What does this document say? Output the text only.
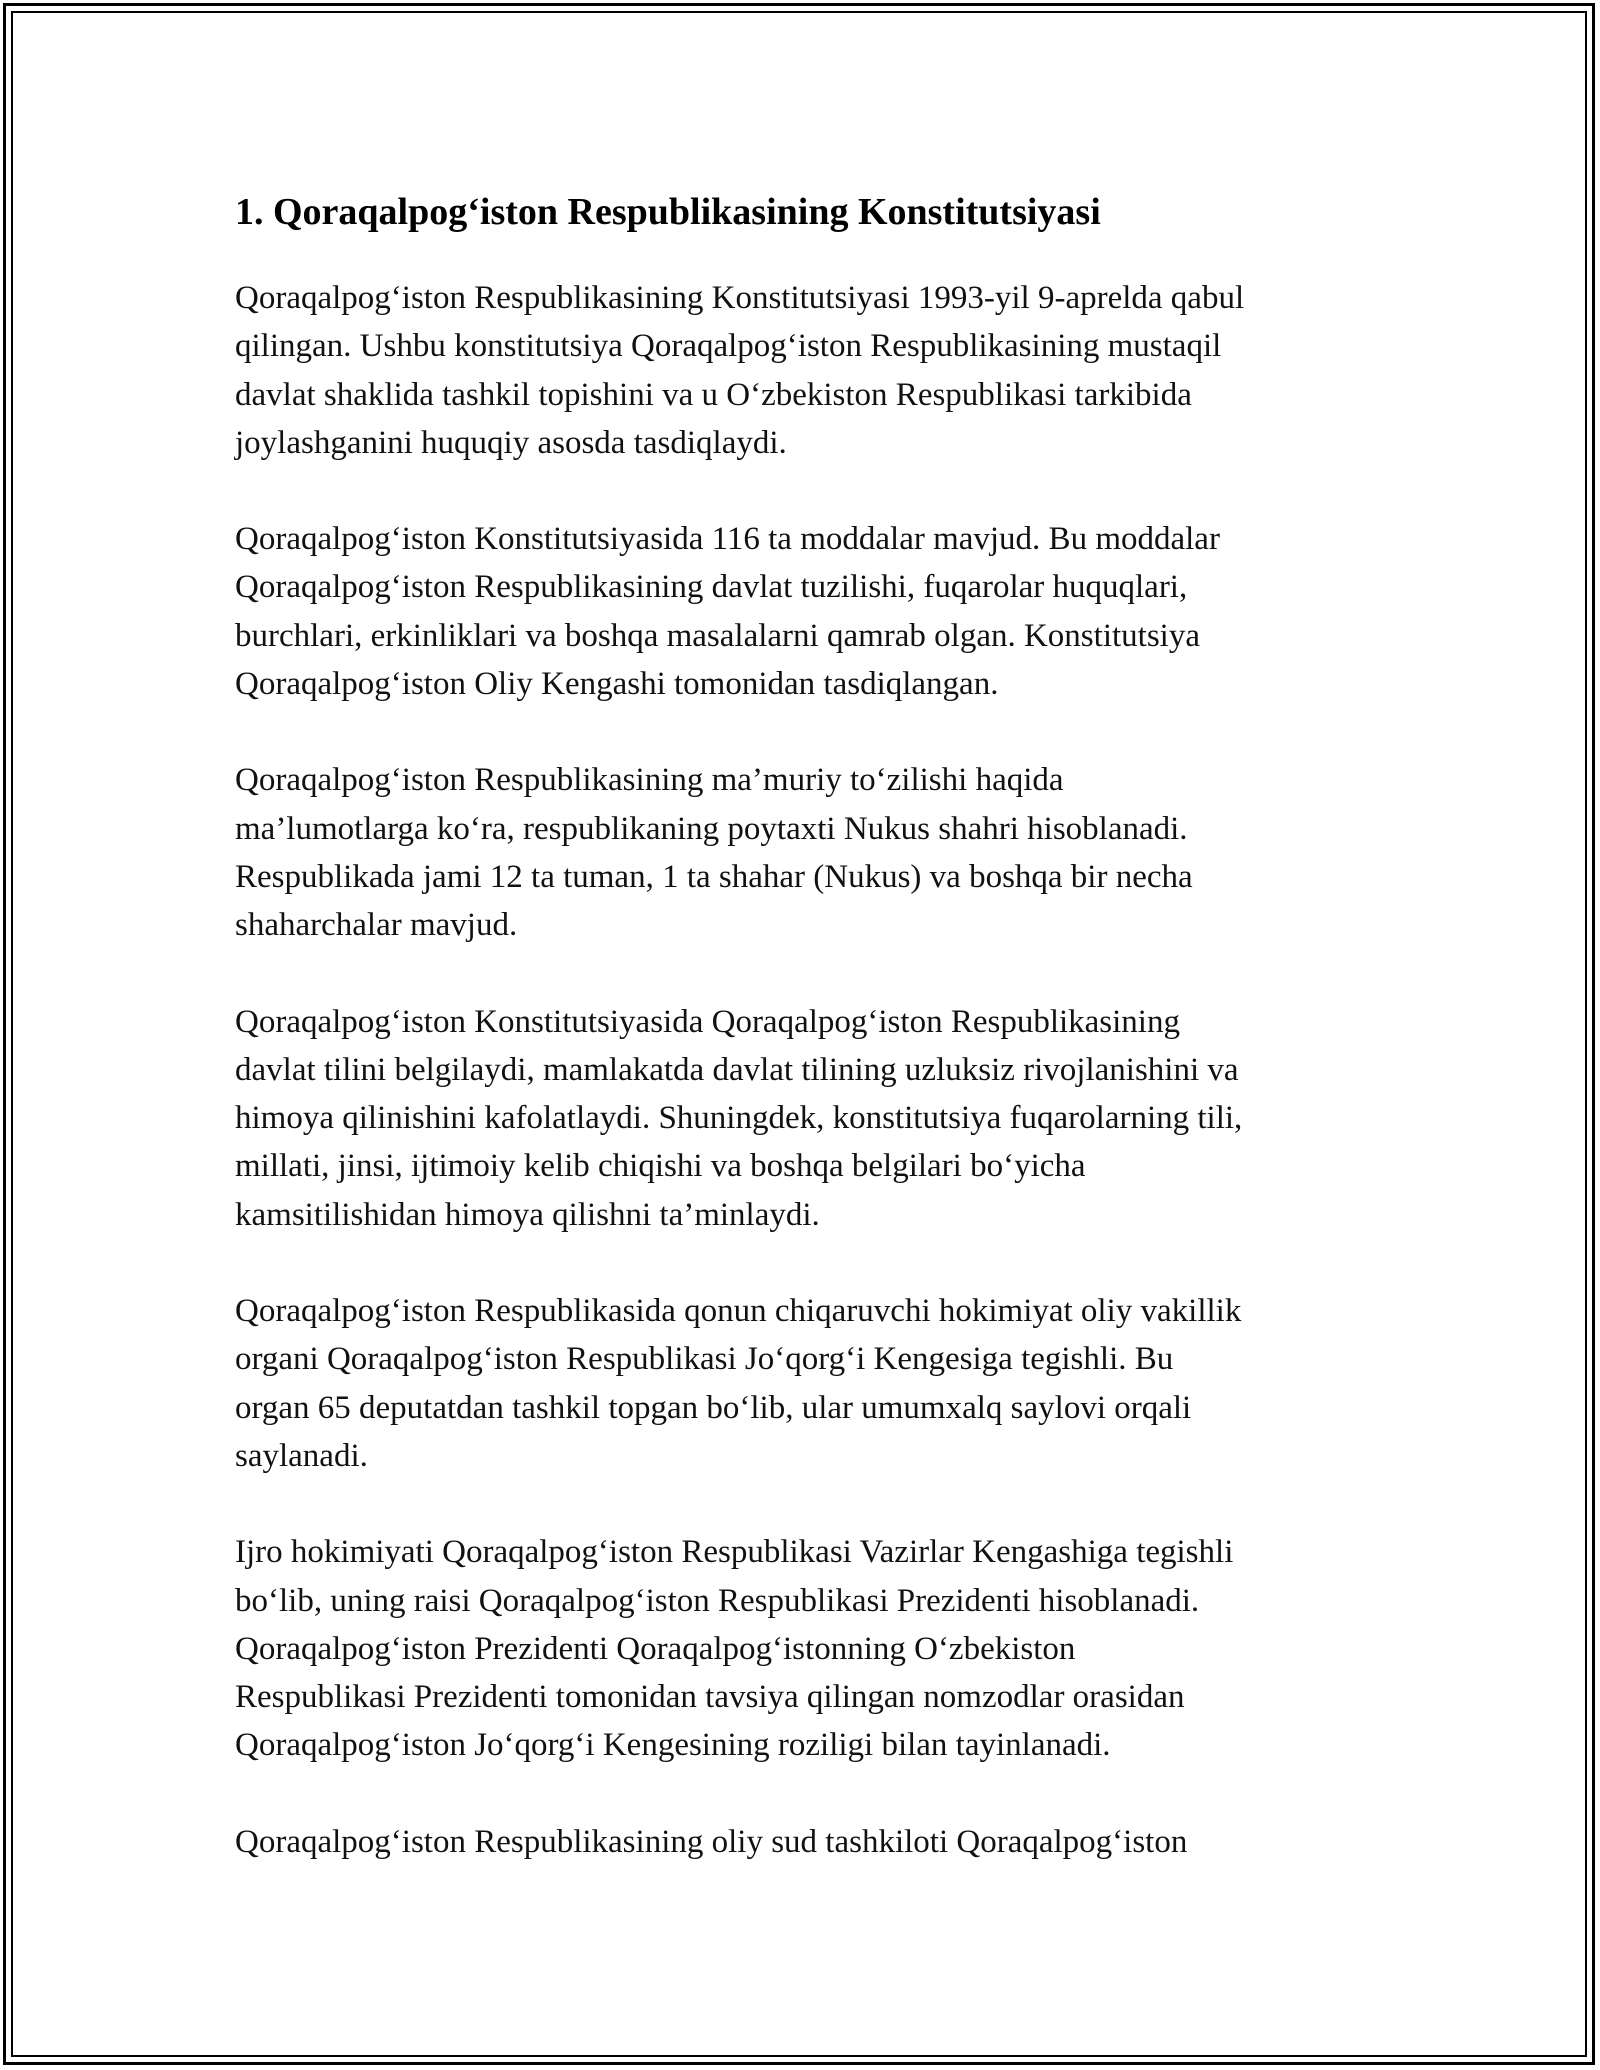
1. Qoraqalpog‘iston Respublikasining Konstitutsiyasi

Qoraqalpog‘iston Respublikasining Konstitutsiyasi 1993-yil 9-aprelda qabul
qilingan. Ushbu konstitutsiya Qoraqalpog‘iston Respublikasining mustaqil
davlat shaklida tashkil topishini va u O‘zbekiston Respublikasi tarkibida
joylashganini huquqiy asosda tasdiqlaydi.

Qoraqalpog‘iston Konstitutsiyasida 116 ta moddalar mavjud. Bu moddalar
Qoraqalpog‘iston Respublikasining davlat tuzilishi, fuqarolar huquqlari,
burchlari, erkinliklari va boshqa masalalarni qamrab olgan. Konstitutsiya
Qoraqalpog‘iston Oliy Kengashi tomonidan tasdiqlangan.

Qoraqalpog‘iston Respublikasining ma’muriy to‘zilishi haqida
ma’lumotlarga ko‘ra, respublikaning poytaxti Nukus shahri hisoblanadi.
Respublikada jami 12 ta tuman, 1 ta shahar (Nukus) va boshqa bir necha
shaharchalar mavjud.

Qoraqalpog‘iston Konstitutsiyasida Qoraqalpog‘iston Respublikasining
davlat tilini belgilaydi, mamlakatda davlat tilining uzluksiz rivojlanishini va
himoya qilinishini kafolatlaydi. Shuningdek, konstitutsiya fuqarolarning tili,
millati, jinsi, ijtimoiy kelib chiqishi va boshqa belgilari bo‘yicha
kamsitilishidan himoya qilishni ta’minlaydi.

Qoraqalpog‘iston Respublikasida qonun chiqaruvchi hokimiyat oliy vakillik
organi Qoraqalpog‘iston Respublikasi Jo‘qorg‘i Kengesiga tegishli. Bu
organ 65 deputatdan tashkil topgan bo‘lib, ular umumxalq saylovi orqali
saylanadi.

Ijro hokimiyati Qoraqalpog‘iston Respublikasi Vazirlar Kengashiga tegishli
bo‘lib, uning raisi Qoraqalpog‘iston Respublikasi Prezidenti hisoblanadi.
Qoraqalpog‘iston Prezidenti Qoraqalpog‘istonning O‘zbekiston
Respublikasi Prezidenti tomonidan tavsiya qilingan nomzodlar orasidan
Qoraqalpog‘iston Jo‘qorg‘i Kengesining roziligi bilan tayinlanadi.

Qoraqalpog‘iston Respublikasining oliy sud tashkiloti Qoraqalpog‘iston
